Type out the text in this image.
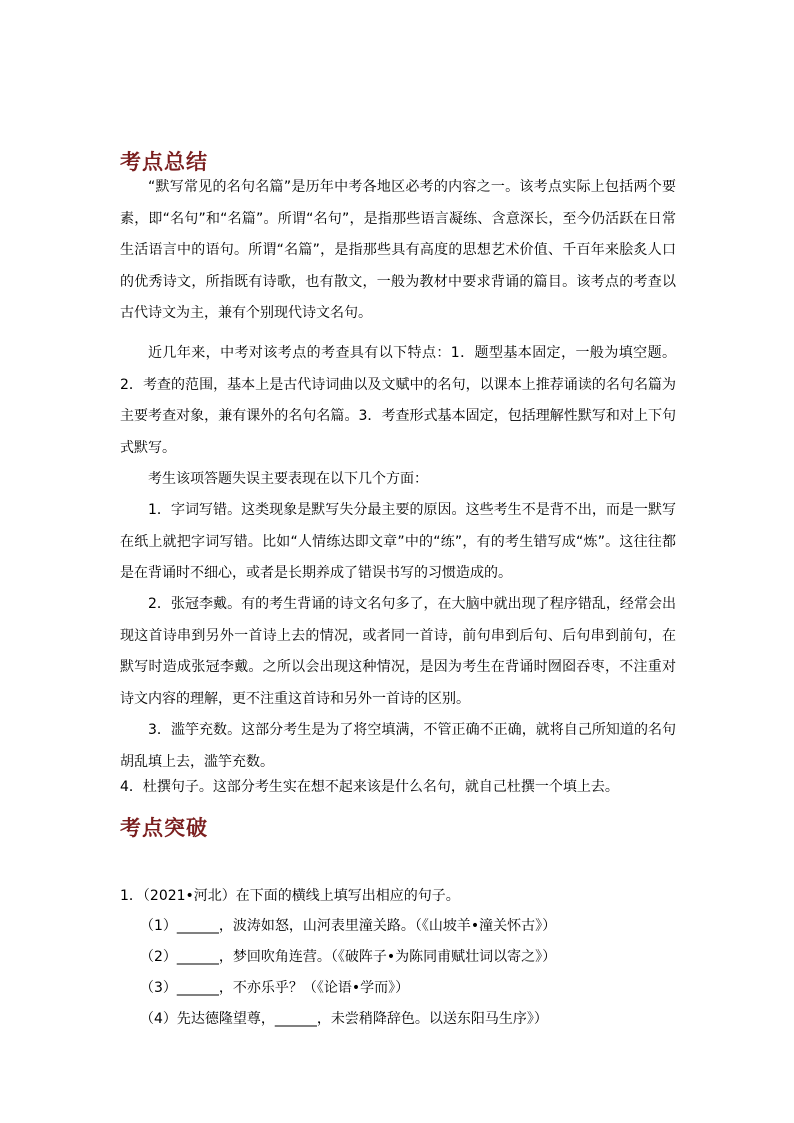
考点总结

“默写常见的名句名篇”是历年中考各地区必考的内容之一。该考点实际上包括两个要素，即“名句”和“名篇”。所谓“名句”，是指那些语言凝练、含意深长，至今仍活跃在日常生活语言中的语句。所谓“名篇”，是指那些具有高度的思想艺术价值、千百年来脍炙人口的优秀诗文，所指既有诗歌，也有散文，一般为教材中要求背诵的篇目。该考点的考查以古代诗文为主，兼有个别现代诗文名句。

近几年来，中考对该考点的考查具有以下特点：1．题型基本固定，一般为填空题。2．考查的范围，基本上是古代诗词曲以及文赋中的名句，以课本上推荐诵读的名句名篇为主要考查对象，兼有课外的名句名篇。3．考查形式基本固定，包括理解性默写和对上下句式默写。

考生该项答题失误主要表现在以下几个方面：

1．字词写错。这类现象是默写失分最主要的原因。这些考生不是背不出，而是一默写在纸上就把字词写错。比如“人情练达即文章”中的“练”，有的考生错写成“炼”。这往往都是在背诵时不细心，或者是长期养成了错误书写的习惯造成的。

2．张冠李戴。有的考生背诵的诗文名句多了，在大脑中就出现了程序错乱，经常会出现这首诗串到另外一首诗上去的情况，或者同一首诗，前句串到后句、后句串到前句，在默写时造成张冠李戴。之所以会出现这种情况，是因为考生在背诵时囫囵吞枣，不注重对诗文内容的理解，更不注重这首诗和另外一首诗的区别。

3．滥竽充数。这部分考生是为了将空填满，不管正确不正确，就将自己所知道的名句胡乱填上去，滥竽充数。

4．杜撰句子。这部分考生实在想不起来该是什么名句，就自己杜撰一个填上去。

考点突破

1．（2021•河北）在下面的横线上填写出相应的句子。

（1）______，波涛如怒，山河表里潼关路。（《山坡羊•潼关怀古》）

（2）______，梦回吹角连营。（《破阵子•为陈同甫赋壮词以寄之》）

（3）______，不亦乐乎？（《论语•学而》）

（4）先达德隆望尊，______，未尝稍降辞色。以送东阳马生序》）
